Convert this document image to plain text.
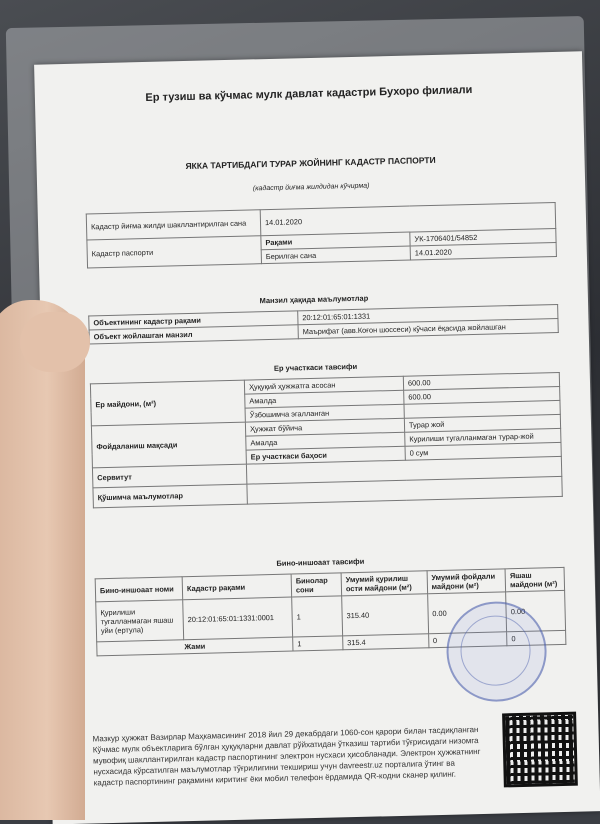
Ер тузиш ва кўчмас мулк давлат кадастри Бухоро филиали
ЯККА ТАРТИБДАГИ ТУРАР ЖОЙНИНГ КАДАСТР ПАСПОРТИ
(кадастр йиғма жилдидан кўчирма)
Кадастр йиғма жилди шакллантирилган сана	14.01.2020	
Кадастр паспорти	Рақами	УК-1706401/54852
	Берилган сана	14.01.2020
Манзил ҳақида маълумотлар
Объектининг кадастр рақами	20:12:01:65:01:1331
Объект жойлашган манзил	Маърифат (авв.Коғон шоссеси) кўчаси ёқасида жойлашган
Ер участкаси тавсифи
Ер майдони, (м²)	Ҳуқуқий ҳужжатга асосан	600.00
	Амалда	600.00
	Ўзбошимча эгалланган	
Фойдаланиш мақсади	Ҳужжат бўйича	Турар жой
	Амалда	Курилиши тугалланмаган турар-жой
	Ер участкаси баҳоси	0 сум
Сервитут		
Қўшимча маълумотлар		
Бино-иншоаат тавсифи
Бино-иншоаат номи	Кадастр рақами	Бинолар сони	Умумий қурилиш ости майдони (м²)	Умумий фойдали майдони (м²)	Яшаш майдони (м²)
Қурилиши тугалланмаган яшаш уйи (ертула)	20:12:01:65:01:1331:0001	1	315.40	0.00	0.00
Жами		1	315.4	0	0
Мазкур ҳужжат Вазирлар Маҳкамасининг 2018 йил 29 декабрдаги 1060-сон қарори билан тасдиқланган Кўчмас мулк объектларига бўлган ҳуқуқларни давлат рўйхатидан ўтказиш тартиби тўғрисидаги низомга мувофиқ шакллантирилган кадастр паспортининг электрон нусхаси ҳисобланади. Электрон ҳужжатнинг нусхасида кўрсатилган маълумотлар тўғрилигини текшириш учун davreestr.uz порталига ўтинг ва кадастр паспортининг рақамини киритинг ёки мобил телефон ёрдамида QR-кодни сканер қилинг.
